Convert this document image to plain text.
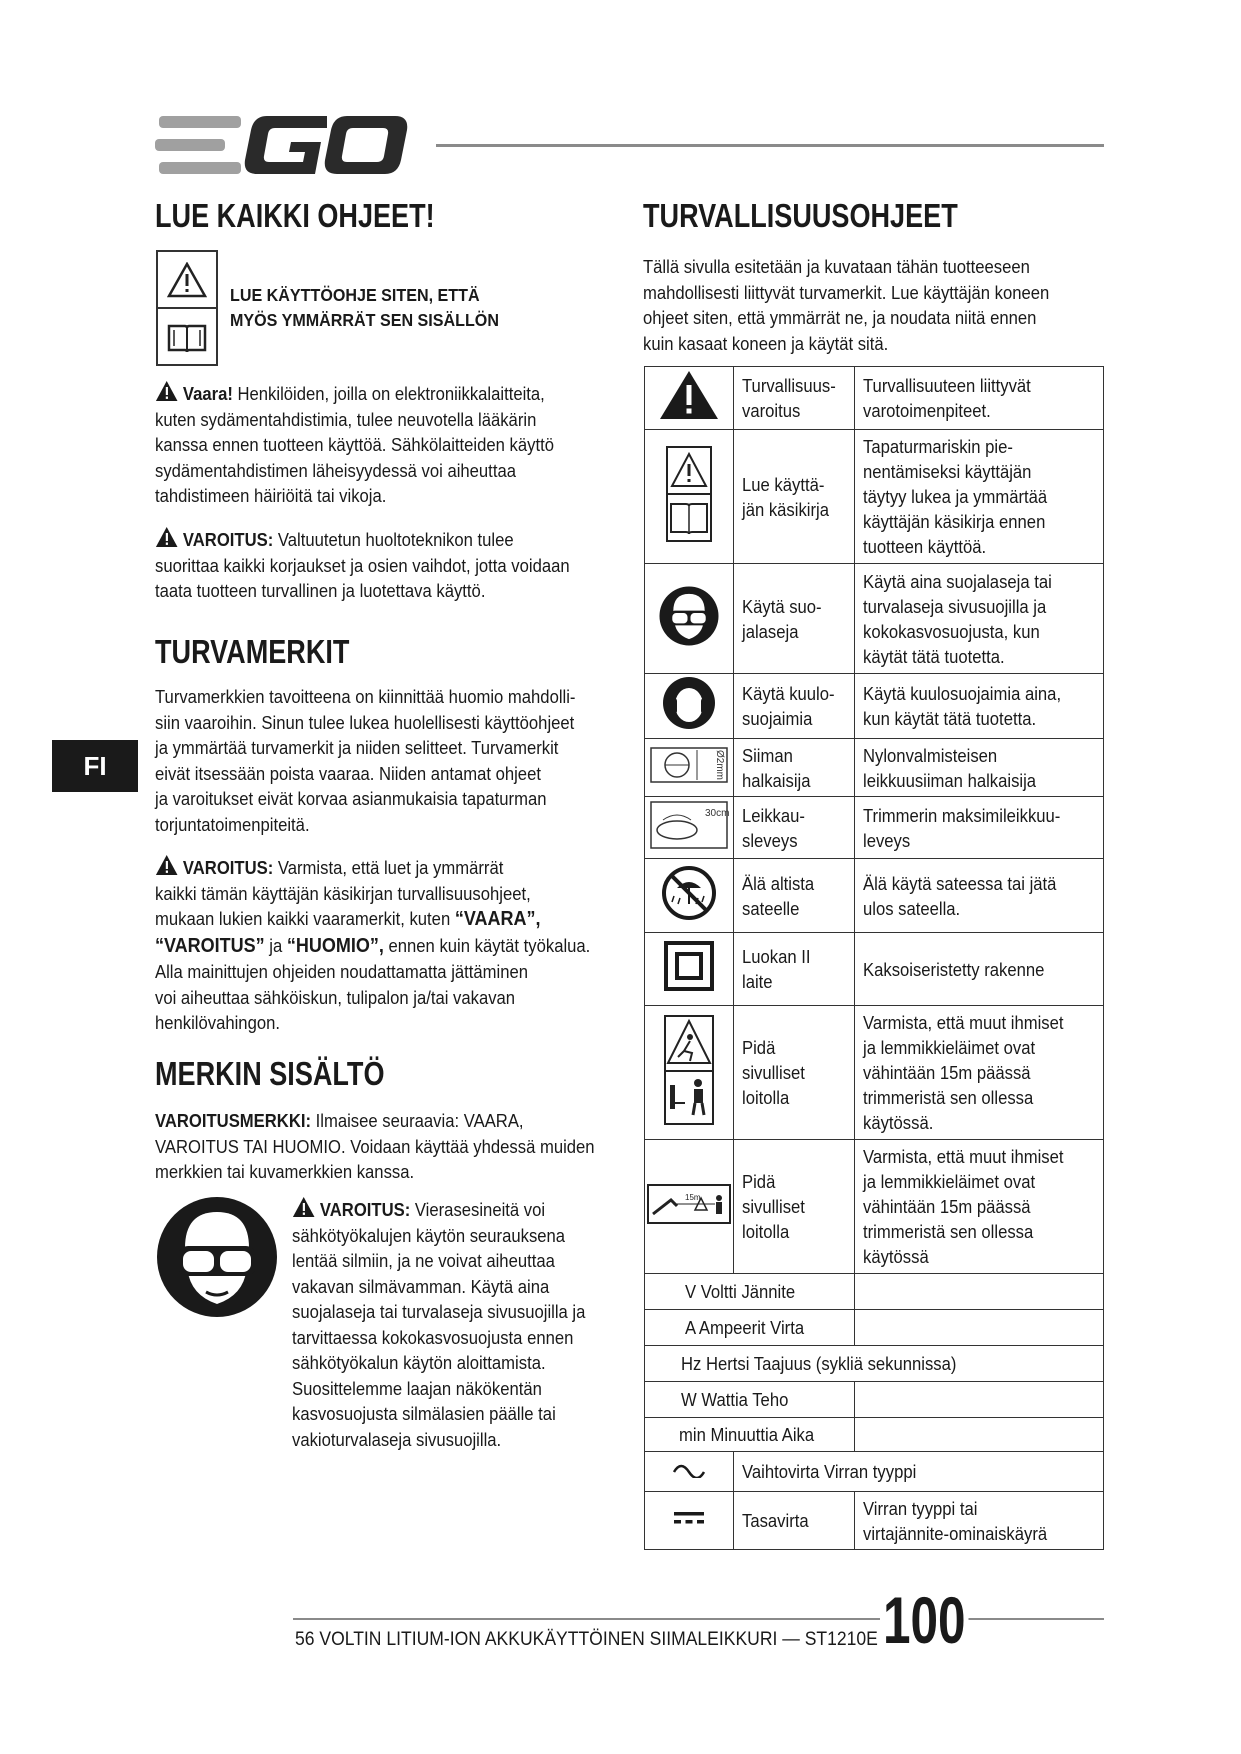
EGO
FI
LUE KAIKKI OHJEET!
LUE KÄYTTÖOHJE SITEN, ETTÄ
MYÖS YMMÄRRÄT SEN SISÄLLÖN
Vaara! Henkilöiden, joilla on elektroniikkalaitteita,
kuten sydämentahdistimia, tulee neuvotella lääkärin
kanssa ennen tuotteen käyttöä. Sähkölaitteiden käyttö
sydämentahdistimen läheisyydessä voi aiheuttaa
tahdistimeen häiriöitä tai vikoja.
VAROITUS: Valtuutetun huoltoteknikon tulee
suorittaa kaikki korjaukset ja osien vaihdot, jotta voidaan
taata tuotteen turvallinen ja luotettava käyttö.
TURVAMERKIT
Turvamerkkien tavoitteena on kiinnittää huomio mahdolli-
siin vaaroihin. Sinun tulee lukea huolellisesti käyttöohjeet
ja ymmärtää turvamerkit ja niiden selitteet. Turvamerkit
eivät itsessään poista vaaraa. Niiden antamat ohjeet
ja varoitukset eivät korvaa asianmukaisia tapaturman
torjuntatoimenpiteitä.
VAROITUS: Varmista, että luet ja ymmärrät
kaikki tämän käyttäjän käsikirjan turvallisuusohjeet,
mukaan lukien kaikki vaaramerkit, kuten “VAARA”,
“VAROITUS” ja “HUOMIO”, ennen kuin käytät työkalua.
Alla mainittujen ohjeiden noudattamatta jättäminen
voi aiheuttaa sähköiskun, tulipalon ja/tai vakavan
henkilövahingon.
MERKIN SISÄLTÖ
VAROITUSMERKKI: Ilmaisee seuraavia: VAARA,
VAROITUS TAI HUOMIO. Voidaan käyttää yhdessä muiden
merkkien tai kuvamerkkien kanssa.
VAROITUS: Vierasesineitä voi
sähkötyökalujen käytön seurauksena
lentää silmiin, ja ne voivat aiheuttaa
vakavan silmävamman. Käytä aina
suojalaseja tai turvalaseja sivusuojilla ja
tarvittaessa kokokasvosuojusta ennen
sähkötyökalun käytön aloittamista.
Suosittelemme laajan näkökentän
kasvosuojusta silmälasien päälle tai
vakioturvalaseja sivusuojilla.
TURVALLISUUSOHJEET
Tällä sivulla esitetään ja kuvataan tähän tuotteeseen
mahdollisesti liittyvät turvamerkit. Lue käyttäjän koneen
ohjeet siten, että ymmärrät ne, ja noudata niitä ennen
kuin kasaat koneen ja käytät sitä.
	Turvallisuus-
varoitus	Turvallisuuteen liittyvät
varotoimenpiteet.
	Lue käyttä-
jän käsikirja	Tapaturmariskin pie-
nentämiseksi käyttäjän
täytyy lukea ja ymmärtää
käyttäjän käsikirja ennen
tuotteen käyttöä.
	Käytä suo-
jalaseja	Käytä aina suojalaseja tai
turvalaseja sivusuojilla ja
kokokasvosuojusta, kun
käytät tätä tuotetta.
	Käytä kuulo-
suojaimia	Käytä kuulosuojaimia aina,
kun käytät tätä tuotetta.

Ø2mm	Siiman
halkaisija	Nylonvalmisteisen
leikkuusiiman halkaisija

30cm	Leikkau-
sleveys	Trimmerin maksimileikkuu-
leveys
	Älä altista
sateelle	Älä käytä sateessa tai jätä
ulos sateella.
	Luokan II
laite	Kaksoiseristetty rakenne
	Pidä
sivulliset
loitolla	Varmista, että muut ihmiset
ja lemmikkieläimet ovat
vähintään 15m päässä
trimmeristä sen ollessa
käytössä.

15m	Pidä
sivulliset
loitolla	Varmista, että muut ihmiset
ja lemmikkieläimet ovat
vähintään 15m päässä
trimmeristä sen ollessa
käytössä
V Voltti Jännite		
A Ampeerit Virta		
Hz Hertsi Taajuus (sykliä sekunnissa)		
W Wattia Teho		
min Minuuttia Aika		
	Vaihtovirta Virran tyyppi	
	Tasavirta	Virran tyyppi tai
virtajännite-ominaiskäyrä
56 VOLTIN LITIUM-ION AKKUKÄYTTÖINEN SIIMALEIKKURI — ST1210E 100
